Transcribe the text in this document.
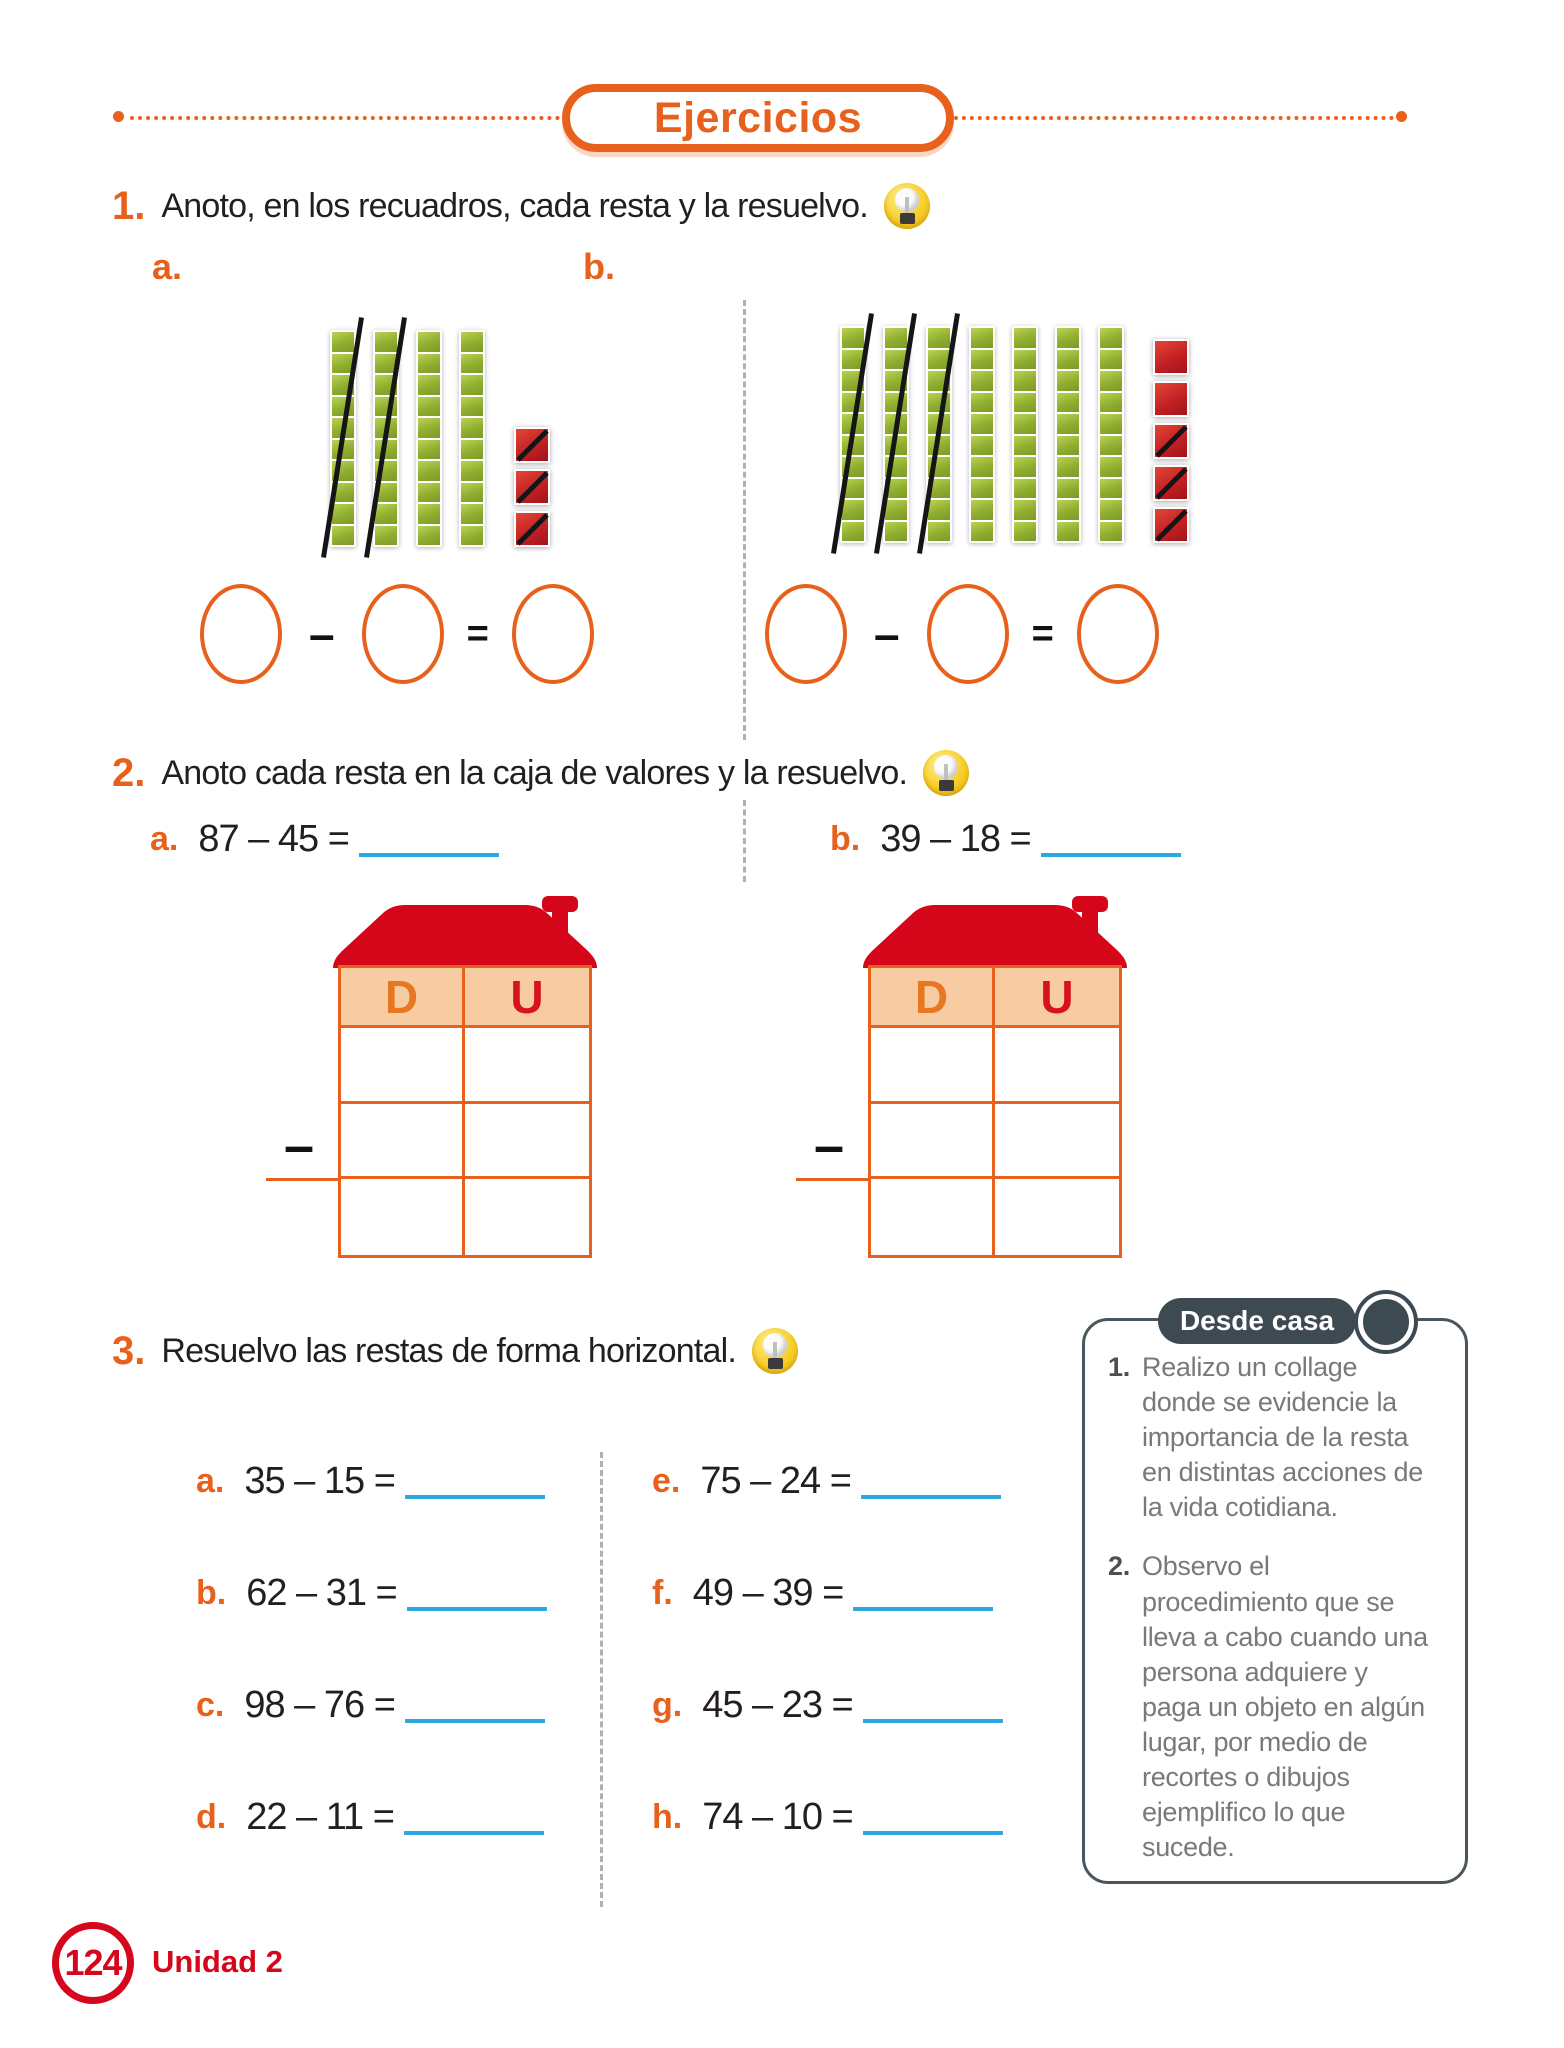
Ejercicios
1. Anoto, en los recuadros, cada resta y la resuelvo.
a.	b.
–	=	–	=
2. Anoto cada resta en la caja de valores y la resuelvo.
a. 87 – 45 =	b. 39 – 18 =
–
D	U
–
D	U
3. Resuelvo las restas de forma horizontal.
a. 35 – 15 =
b. 62 – 31 =
c. 98 – 76 =
d. 22 – 11 =
e. 75 – 24 =
f. 49 – 39 =
g. 45 – 23 =
h. 74 – 10 =
Desde casa
1. Realizo un collage donde se evidencie la importancia de la resta en distintas acciones de la vida cotidiana.
2. Observo el procedimiento que se lleva a cabo cuando una persona adquiere y paga un objeto en algún lugar, por medio de recortes o dibujos ejemplifico lo que sucede.
124 Unidad 2
